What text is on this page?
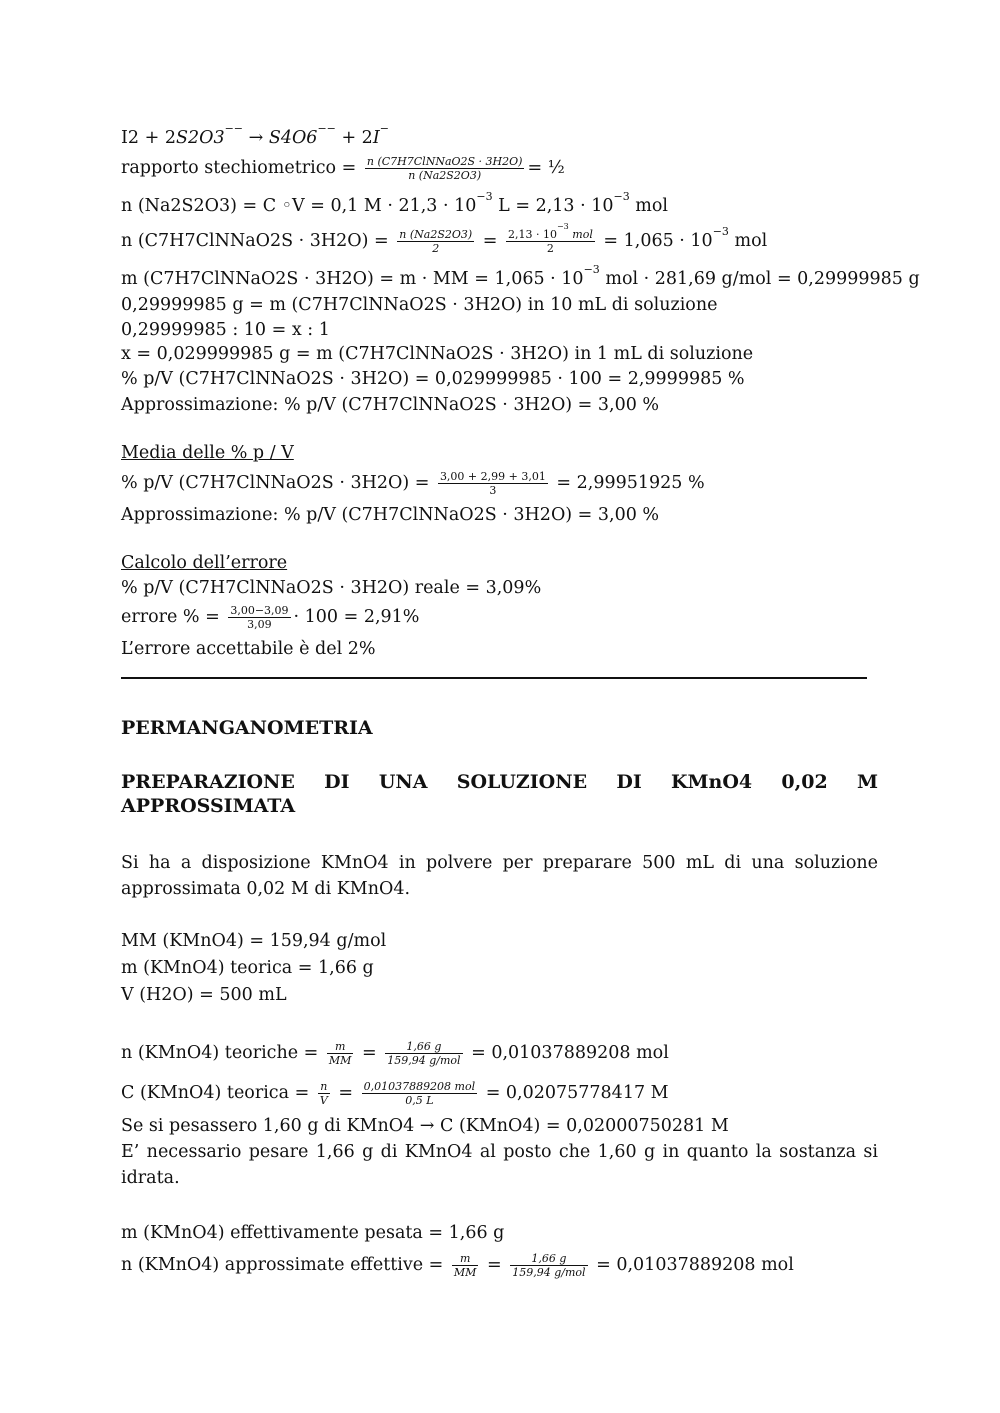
I2 + 2S2O3−− → S4O6−− + 2I−
rapporto stechiometrico = $\frac{\text{n (C7H7ClNNaO2S · 3H2O)}}{n (Na2S2O3)}$ = ½
n (Na2S2O3) = C ◦V = 0,1 $M \cdot 21,3 \cdot 10^{-3}$ $L = 2,13 \cdot 10^{-3}$ mol
n (C7H7ClNNaO2S · $3H2O) = \frac{n (Na2S2O3)}{2} = \frac{2,13 \cdot 10^{-3} mol}{2} = 1,065 \cdot 10^{-3}$ mol
m (C7H7ClNNaO2S · 3H2O) = m · MM = $1,065 \cdot 10^{-3}$ mol · 281,69 g/mol = 0,29999985 g
0,29999985 g = m (C7H7ClNNaO2S · 3H2O) in 10 mL di soluzione
0,29999985 : 10 = x : 1
x = 0,029999985 g = m (C7H7ClNNaO2S · 3H2O) in 1 mL di soluzione
% p/V (C7H7ClNNaO2S · 3H2O) = 0,029999985 · 100 = 2,9999985 %
Approssimazione: % p/V (C7H7ClNNaO2S · 3H2O) = 3,00 %
Media delle % p / V
% p/V (C7H7ClNNaO2S · $3H2O) = \frac{3,00 + 2,99 + 3,01}{3} = 2,99951925$ %
Approssimazione: % p/V (C7H7ClNNaO2S · 3H2O) = 3,00 %
Calcolo dell’errore
% p/V (C7H7ClNNaO2S · 3H2O) reale = 3,09%
errore % = $\frac{3,00-3,09}{3,09} \cdot 100 = 2,91\%$
L’errore accettabile è del 2%
PERMANGANOMETRIA
PREPARAZIONE DI UNA SOLUZIONE DI KMnO4 0,02 M
APPROSSIMATA
Si ha a disposizione KMnO4 in polvere per preparare 500 mL di una soluzione approssimata 0,02 M di KMnO4.
MM (KMnO4) = 159,94 g/mol
m (KMnO4) teorica = 1,66 g
V (H2O) = 500 mL
n (KMnO4) teoriche = $\frac{m}{MM} = \frac{1,66 g}{\text{159,94 g/mol}} = 0,01037889208$ mol
C (KMnO4) teorica = $\frac{n}{V} = \frac{\text{0,01037889208 mol}}{0,5 L} = 0,02075778417$ M
Se si pesassero 1,60 g di KMnO4 → C (KMnO4) = 0,02000750281 M
E’ necessario pesare 1,66 g di KMnO4 al posto che 1,60 g in quanto la sostanza si idrata.
m (KMnO4) effettivamente pesata = 1,66 g
n (KMnO4) approssimate effettive = $\frac{m}{MM} = \frac{1,66 g}{\text{159,94 g/mol}} = 0,01037889208$ mol
